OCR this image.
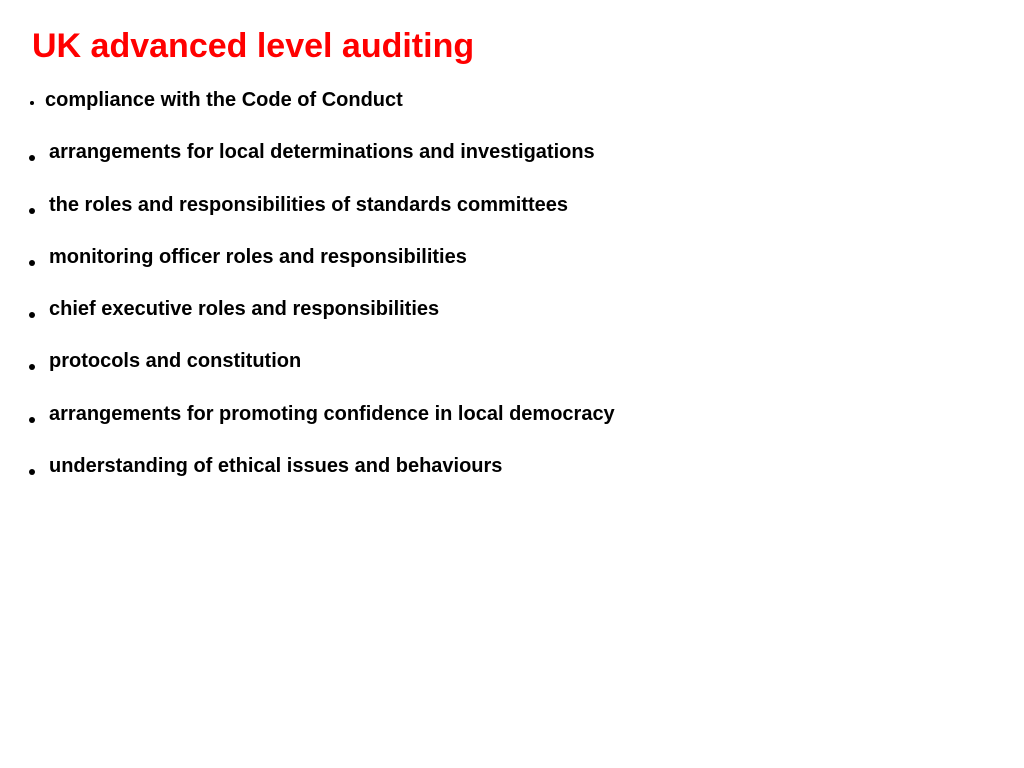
UK advanced level auditing
compliance with the Code of Conduct
arrangements for local determinations and investigations
the roles and responsibilities of standards committees
monitoring officer roles and responsibilities
chief executive roles and responsibilities
protocols and constitution
arrangements for promoting confidence in local democracy
understanding of ethical issues and behaviours
